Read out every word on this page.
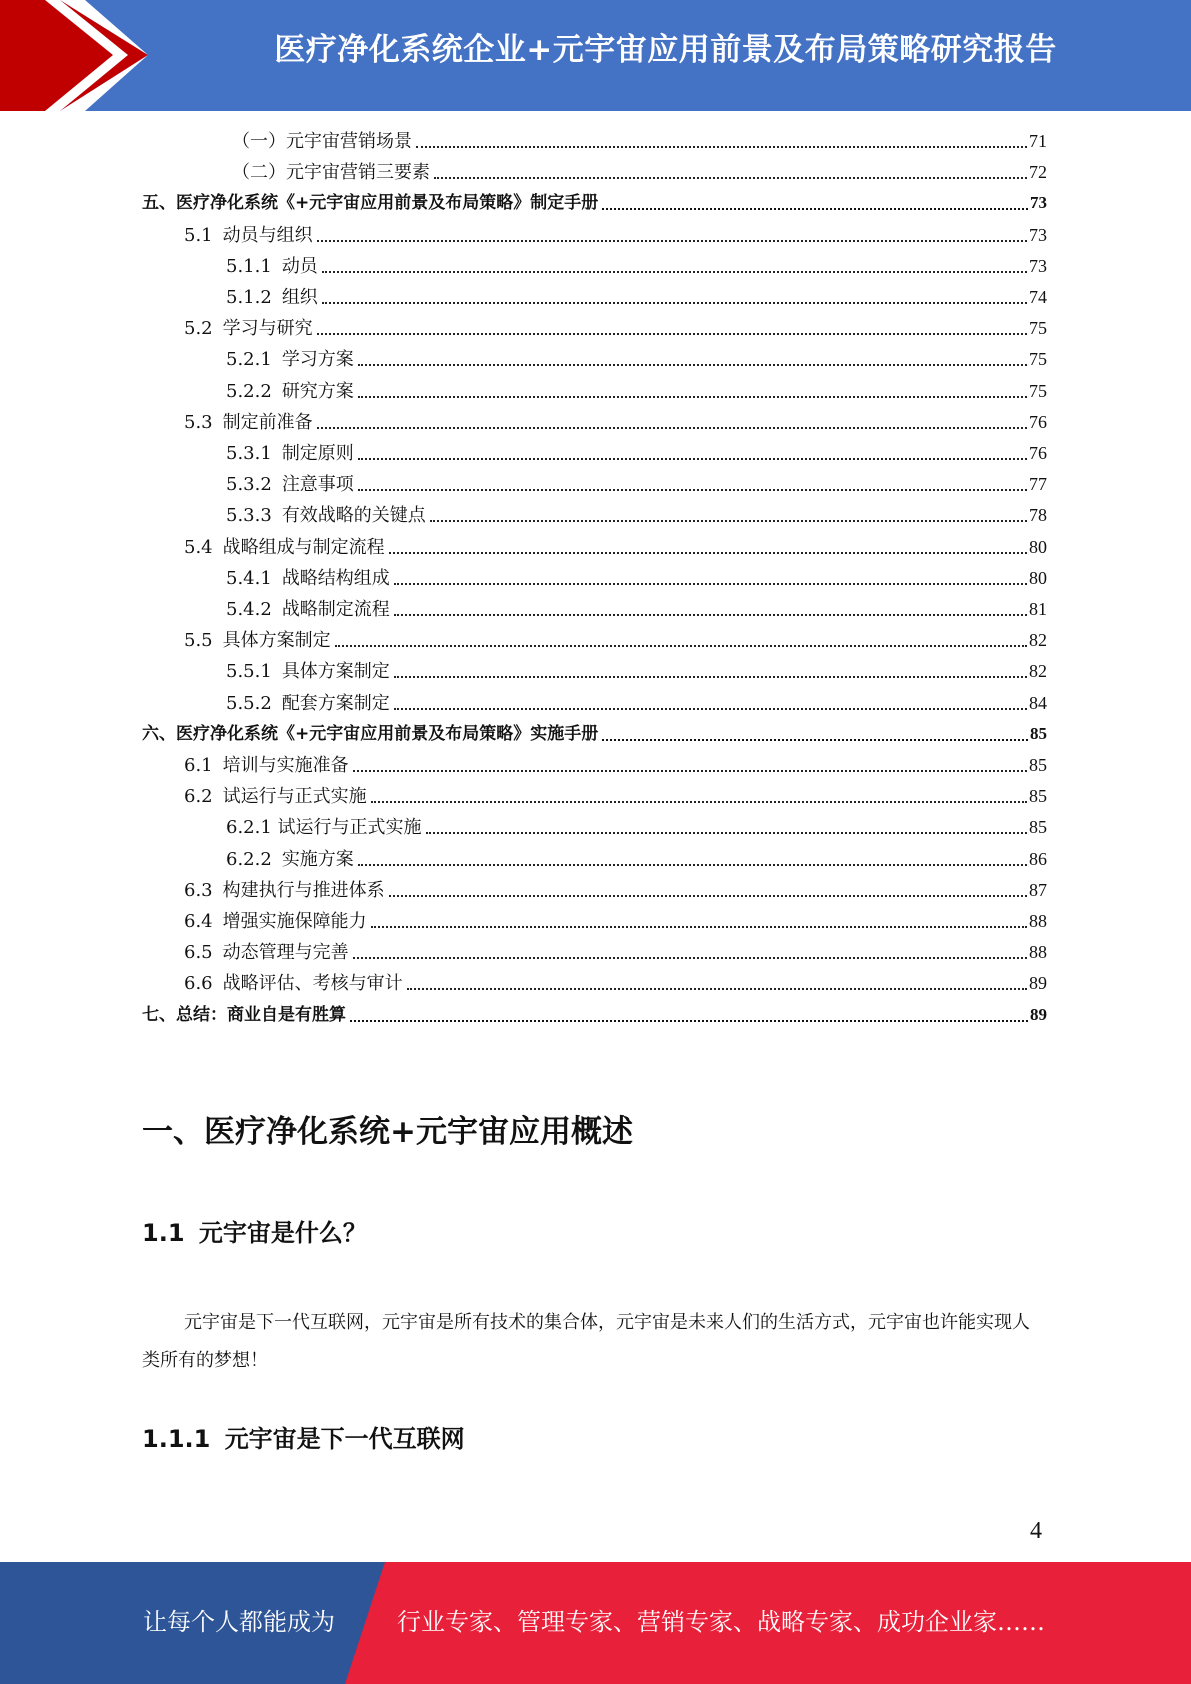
医疗净化系统企业+元宇宙应用前景及布局策略研究报告
（一）元宇宙营销场景	71
（二）元宇宙营销三要素	72
五、医疗净化系统《+元宇宙应用前景及布局策略》制定手册	73
5.1 动员与组织	73
5.1.1 动员	73
5.1.2 组织	74
5.2 学习与研究	75
5.2.1 学习方案	75
5.2.2 研究方案	75
5.3 制定前准备	76
5.3.1 制定原则	76
5.3.2 注意事项	77
5.3.3 有效战略的关键点	78
5.4 战略组成与制定流程	80
5.4.1 战略结构组成	80
5.4.2 战略制定流程	81
5.5 具体方案制定	82
5.5.1 具体方案制定	82
5.5.2 配套方案制定	84
六、医疗净化系统《+元宇宙应用前景及布局策略》实施手册	85
6.1 培训与实施准备	85
6.2 试运行与正式实施	85
6.2.1 试运行与正式实施	85
6.2.2 实施方案	86
6.3 构建执行与推进体系	87
6.4 增强实施保障能力	88
6.5 动态管理与完善	88
6.6 战略评估、考核与审计	89
七、总结：商业自是有胜算	89
一、医疗净化系统+元宇宙应用概述
1.1 元宇宙是什么？

元宇宙是下一代互联网，元宇宙是所有技术的集合体，元宇宙是未来人们的生活方式，元宇宙也许能实现人类所有的梦想！

1.1.1 元宇宙是下一代互联网
4
让每个人都能成为	行业专家、管理专家、营销专家、战略专家、成功企业家……
